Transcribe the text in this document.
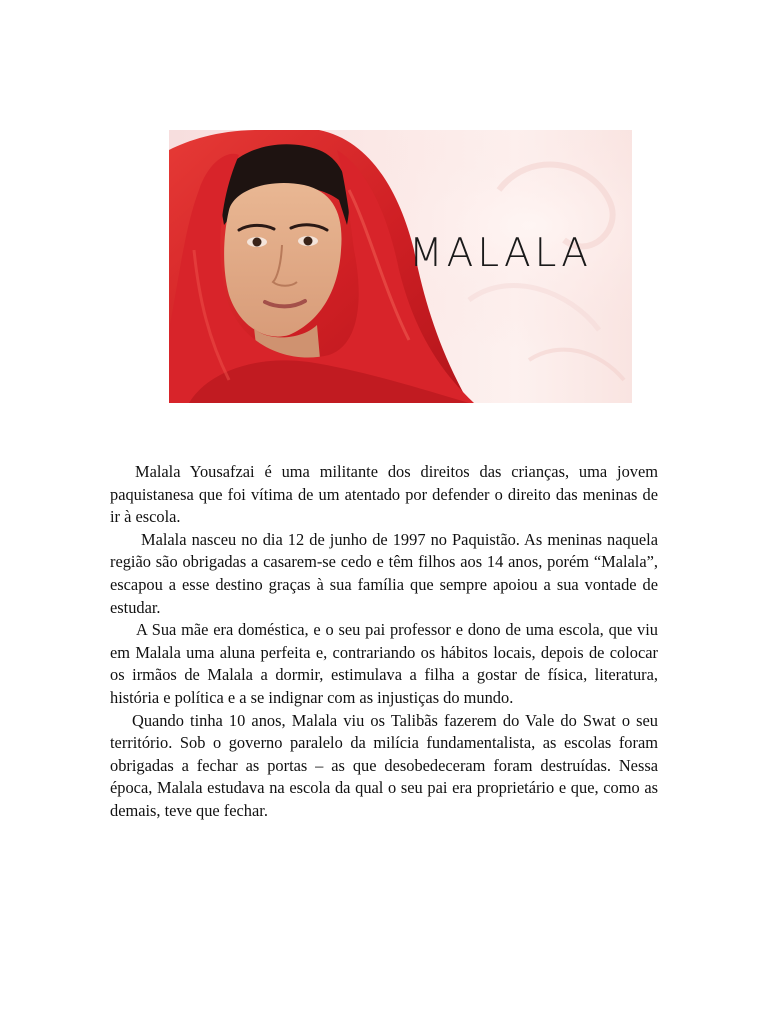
MALALA

Malala Yousafzai é uma militante dos direitos das crianças, uma jovem paquistanesa que foi vítima de um atentado por defender o direito das meninas de ir à escola.

Malala nasceu no dia 12 de junho de 1997 no Paquistão. As meninas naquela região são obrigadas a casarem-se cedo e têm filhos aos 14 anos, porém “Malala”, escapou a esse destino graças à sua família que sempre apoiou a sua vontade de estudar.

A Sua mãe era doméstica, e o seu pai professor e dono de uma escola, que viu em Malala uma aluna perfeita e, contrariando os hábitos locais, depois de colocar os irmãos de Malala a dormir, estimulava a filha a gostar de física, literatura, história e política e a se indignar com as injustiças do mundo.

Quando tinha 10 anos, Malala viu os Talibãs fazerem do Vale do Swat o seu território. Sob o governo paralelo da milícia fundamentalista, as escolas foram obrigadas a fechar as portas – as que desobedeceram foram destruídas. Nessa época, Malala estudava na escola da qual o seu pai era proprietário e que, como as demais, teve que fechar.
